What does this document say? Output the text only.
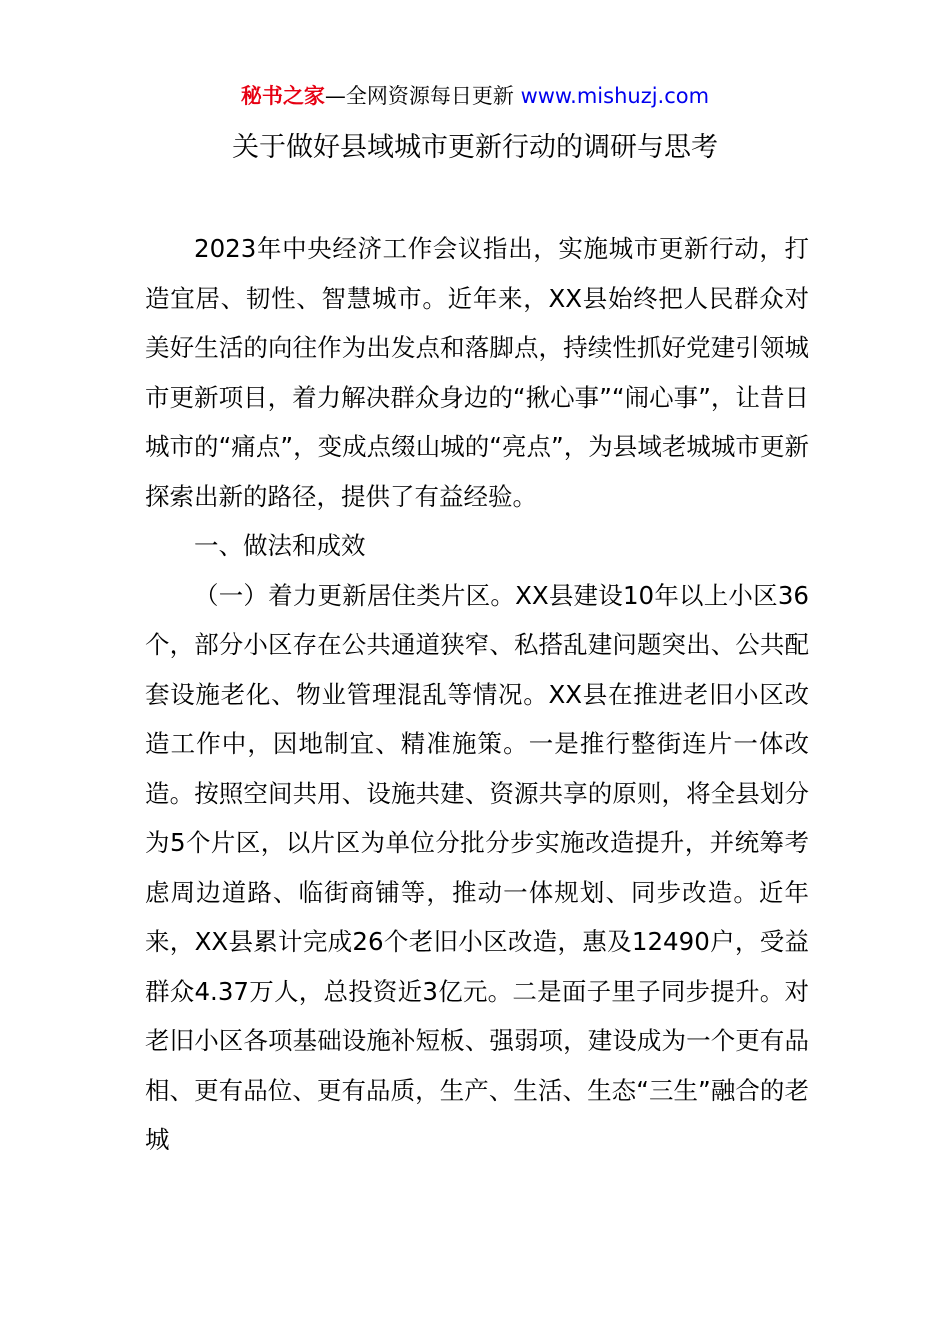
秘书之家—全网资源每日更新 www.mishuzj.com
关于做好县域城市更新行动的调研与思考

2023年中央经济工作会议指出，实施城市更新行动，打造宜居、韧性、智慧城市。近年来，XX县始终把人民群众对美好生活的向往作为出发点和落脚点，持续性抓好党建引领城市更新项目，着力解决群众身边的“揪心事”“闹心事”，让昔日城市的“痛点”，变成点缀山城的“亮点”，为县域老城城市更新探索出新的路径，提供了有益经验。

一、做法和成效

（一）着力更新居住类片区。XX县建设10年以上小区36个，部分小区存在公共通道狭窄、私搭乱建问题突出、公共配套设施老化、物业管理混乱等情况。XX县在推进老旧小区改造工作中，因地制宜、精准施策。一是推行整街连片一体改造。按照空间共用、设施共建、资源共享的原则，将全县划分为5个片区，以片区为单位分批分步实施改造提升，并统筹考虑周边道路、临街商铺等，推动一体规划、同步改造。近年来，XX县累计完成26个老旧小区改造，惠及12490户，受益群众4.37万人，总投资近3亿元。二是面子里子同步提升。对老旧小区各项基础设施补短板、强弱项，建设成为一个更有品相、更有品位、更有品质，生产、生活、生态“三生”融合的老城
